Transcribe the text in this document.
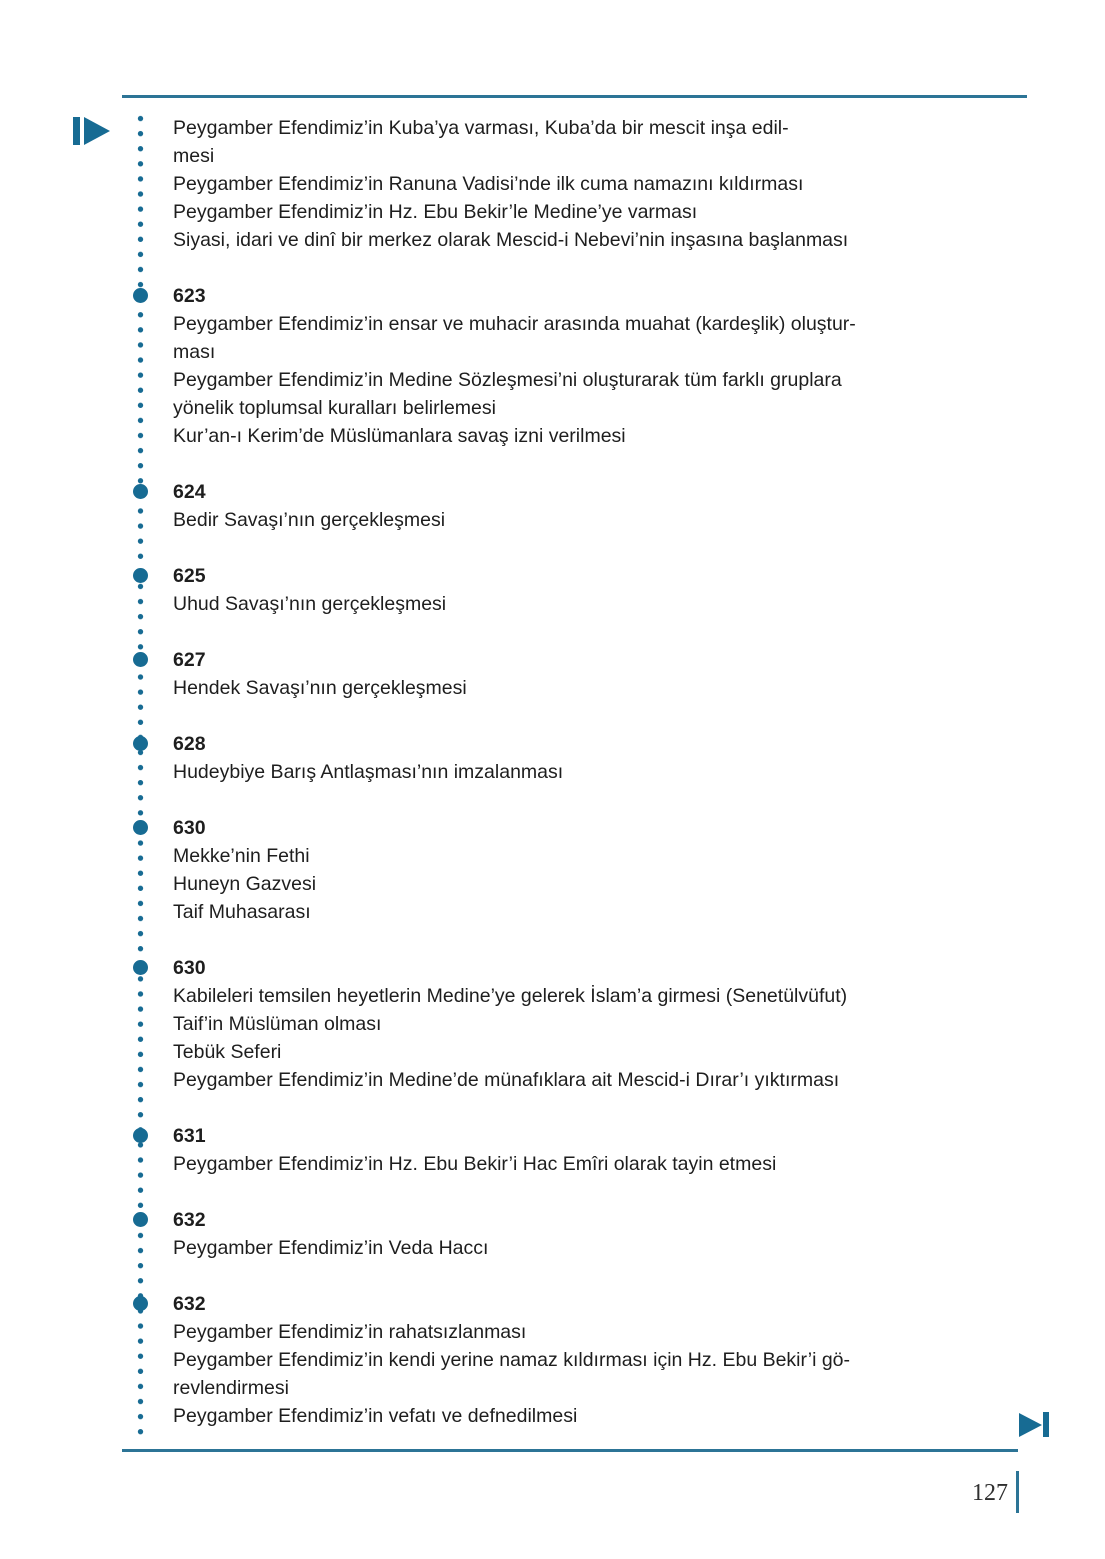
Peygamber Efendimiz’in Kuba’ya varması, Kuba’da bir mescit inşa edil-
mesi
Peygamber Efendimiz’in Ranuna Vadisi’nde ilk cuma namazını kıldırması
Peygamber Efendimiz’in Hz. Ebu Bekir’le Medine’ye varması
Siyasi, idari ve dinî bir merkez olarak Mescid-i Nebevi’nin inşasına başlanması
623
Peygamber Efendimiz’in ensar ve muhacir arasında muahat (kardeşlik) oluştur-
ması
Peygamber Efendimiz’in Medine Sözleşmesi’ni oluşturarak tüm farklı gruplara
yönelik toplumsal kuralları belirlemesi
Kur’an-ı Kerim’de Müslümanlara savaş izni verilmesi
624
Bedir Savaşı’nın gerçekleşmesi
625
Uhud Savaşı’nın gerçekleşmesi
627
Hendek Savaşı’nın gerçekleşmesi
628
Hudeybiye Barış Antlaşması’nın imzalanması
630
Mekke’nin Fethi
Huneyn Gazvesi
Taif Muhasarası
630
Kabileleri temsilen heyetlerin Medine’ye gelerek İslam’a girmesi (Senetülvüfut)
Taif’in Müslüman olması
Tebük Seferi
Peygamber Efendimiz’in Medine’de münafıklara ait Mescid-i Dırar’ı yıktırması
631
Peygamber Efendimiz’in Hz. Ebu Bekir’i Hac Emîri olarak tayin etmesi
632
Peygamber Efendimiz’in Veda Haccı
632
Peygamber Efendimiz’in rahatsızlanması
Peygamber Efendimiz’in kendi yerine namaz kıldırması için Hz. Ebu Bekir’i gö-
revlendirmesi
Peygamber Efendimiz’in vefatı ve defnedilmesi
127
